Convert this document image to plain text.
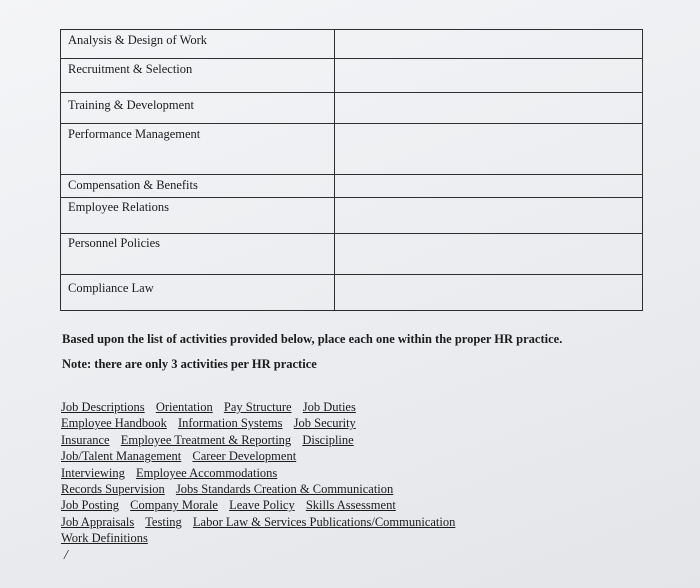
Analysis & Design of Work	
Recruitment & Selection	
Training & Development	
Performance Management	
Compensation & Benefits	
Employee Relations	
Personnel Policies	
Compliance Law	
Based upon the list of activities provided below, place each one within the proper HR practice.
Note: there are only 3 activities per HR practice
Job Descriptions Orientation Pay Structure Job Duties
Employee Handbook Information Systems Job Security
Insurance Employee Treatment & Reporting Discipline
Job/Talent Management Career Development
Interviewing Employee Accommodations
Records Supervision Jobs Standards Creation & Communication
Job Posting Company Morale Leave Policy Skills Assessment
Job Appraisals Testing Labor Law & Services Publications/Communication
Work Definitions
/
